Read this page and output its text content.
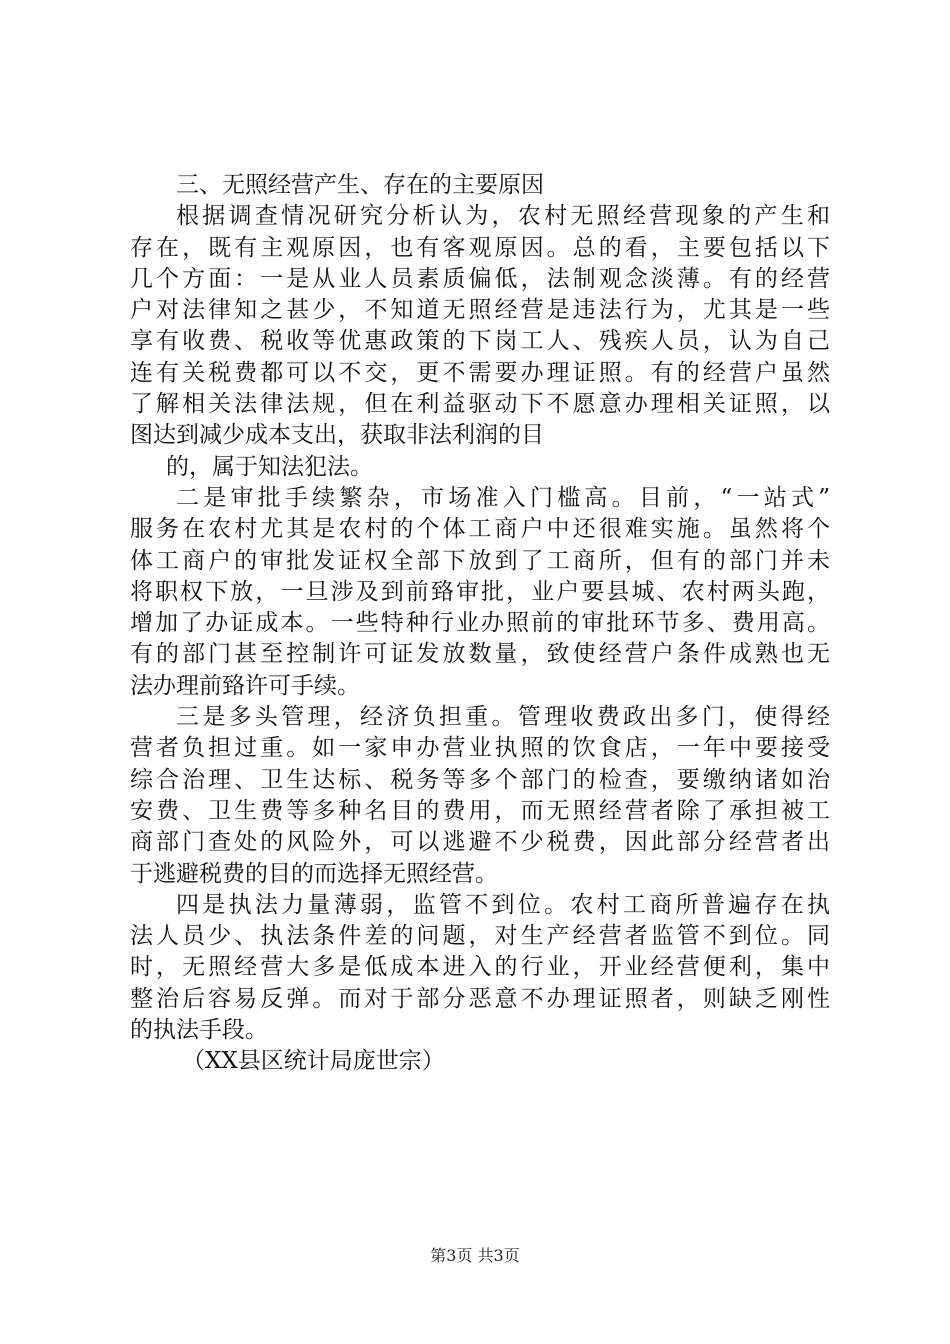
三、无照经营产生、存在的主要原因
根据调查情况研究分析认为，农村无照经营现象的产生和
存在，既有主观原因，也有客观原因。总的看，主要包括以下
几个方面：一是从业人员素质偏低，法制观念淡薄。有的经营
户对法律知之甚少，不知道无照经营是违法行为，尤其是一些
享有收费、税收等优惠政策的下岗工人、残疾人员，认为自己
连有关税费都可以不交，更不需要办理证照。有的经营户虽然
了解相关法律法规，但在利益驱动下不愿意办理相关证照，以
图达到减少成本支出，获取非法利润的目
的，属于知法犯法。
二是审批手续繁杂，市场准入门槛高。目前，“一站式”
服务在农村尤其是农村的个体工商户中还很难实施。虽然将个
体工商户的审批发证权全部下放到了工商所，但有的部门并未
将职权下放，一旦涉及到前臵审批，业户要县城、农村两头跑，
增加了办证成本。一些特种行业办照前的审批环节多、费用高。
有的部门甚至控制许可证发放数量，致使经营户条件成熟也无
法办理前臵许可手续。
三是多头管理，经济负担重。管理收费政出多门，使得经
营者负担过重。如一家申办营业执照的饮食店，一年中要接受
综合治理、卫生达标、税务等多个部门的检查，要缴纳诸如治
安费、卫生费等多种名目的费用，而无照经营者除了承担被工
商部门查处的风险外，可以逃避不少税费，因此部分经营者出
于逃避税费的目的而选择无照经营。
四是执法力量薄弱，监管不到位。农村工商所普遍存在执
法人员少、执法条件差的问题，对生产经营者监管不到位。同
时，无照经营大多是低成本进入的行业，开业经营便利，集中
整治后容易反弹。而对于部分恶意不办理证照者，则缺乏刚性
的执法手段。
（XX县区统计局庞世宗）
第3页 共3页
